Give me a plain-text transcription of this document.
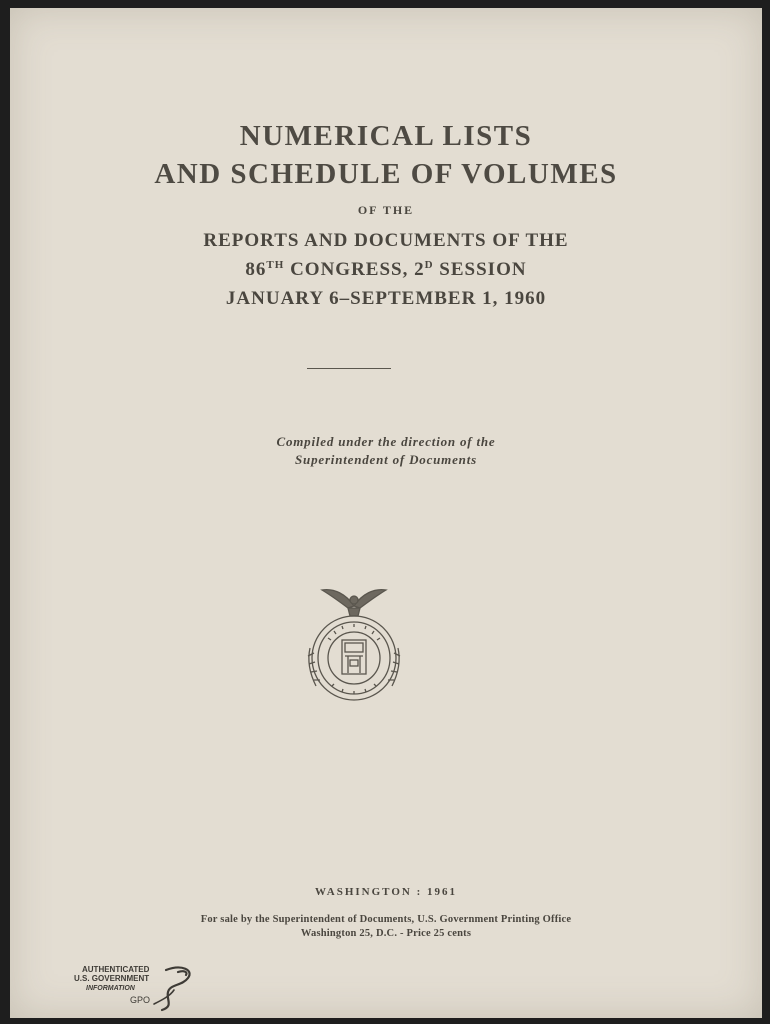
NUMERICAL LISTS
AND SCHEDULE OF VOLUMES
OF THE
REPORTS AND DOCUMENTS OF THE
86TH CONGRESS, $2^D$ SESSION
JANUARY 6–SEPTEMBER 1, 1960
Compiled under the direction of the
Superintendent of Documents
WASHINGTON : 1961
For sale by the Superintendent of Documents, U.S. Government Printing Office
Washington 25, D.C. - Price 25 cents
AUTHENTICATED
U.S. GOVERNMENT
INFORMATION
GPO
